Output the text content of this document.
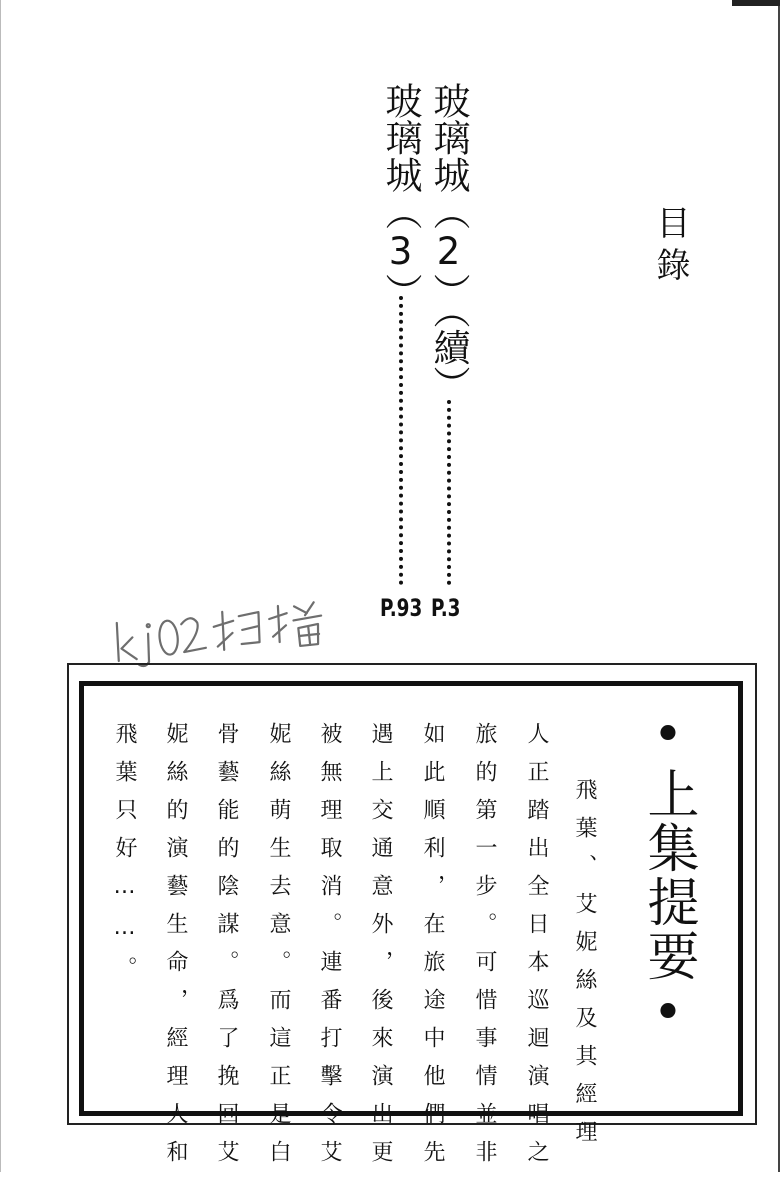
目錄
玻璃城（2）（續）
P.3
玻璃城（3）
P.93
•上集提要•
飛葉、艾妮絲及其經理
人正踏出全日本巡迴演唱之
旅的第一步。可惜事情並非
如此順利，在旅途中他們先
遇上交通意外，後來演出更
被無理取消。連番打擊令艾
妮絲萌生去意。而這正是白
骨藝能的陰謀。爲了挽回艾
妮絲的演藝生命，經理人和
飛葉只好……。
